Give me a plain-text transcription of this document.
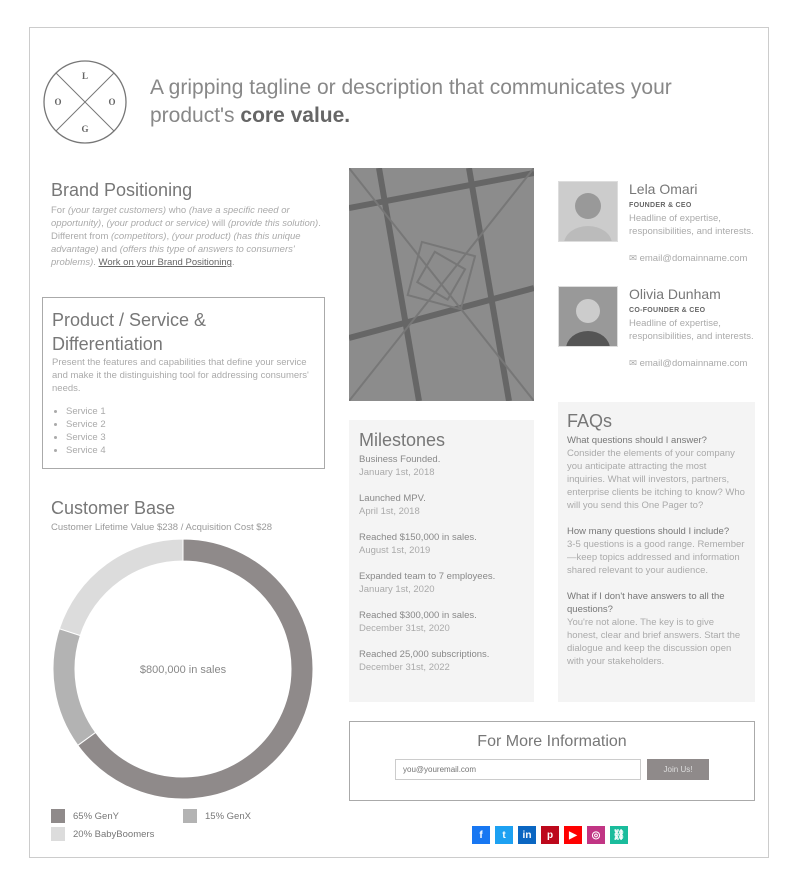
L
O	O
G
A gripping tagline or description that communicates your product's core value.
Brand Positioning

For (your target customers) who (have a specific need or opportunity), (your product or service) will (provide this solution). Different from (competitors), (your product) (has this unique advantage) and (offers this type of answers to consumers' problems). Work on your Brand Positioning.

Product / Service & Differentiation

Present the features and capabilities that define your service and make it the distinguishing tool for addressing consumers' needs.

• Service 1
• Service 2
• Service 3
• Service 4
Customer Base
Customer Lifetime Value $238 / Acquisition Cost $28
$800,000 in sales
65% GenY	15% GenX
20% BabyBoomers
Lela Omari
FOUNDER & CEO
Headline of expertise, responsibilities, and interests.
✉ email@domainname.com
Olivia Dunham
CO-FOUNDER & CEO
Headline of expertise, responsibilities, and interests.
✉ email@domainname.com
Milestones
Business Founded.
January 1st, 2018
Launched MPV.
April 1st, 2018
Reached $150,000 in sales.
August 1st, 2019
Expanded team to 7 employees.
January 1st, 2020
Reached $300,000 in sales.
December 31st, 2020
Reached 25,000 subscriptions.
December 31st, 2022
FAQs
What questions should I answer?
Consider the elements of your company you anticipate attracting the most inquiries. What will investors, partners, enterprise clients be itching to know? Who will you send this One Pager to?
How many questions should I include?
3-5 questions is a good range. Remember—keep topics addressed and information shared relevant to your audience.
What if I don't have answers to all the questions?
You're not alone. The key is to give honest, clear and brief answers. Start the dialogue and keep the discussion open with your stakeholders.
For More Information
you@youremail.com
Join Us!
f	t	in	p	▶	◎	⛓
